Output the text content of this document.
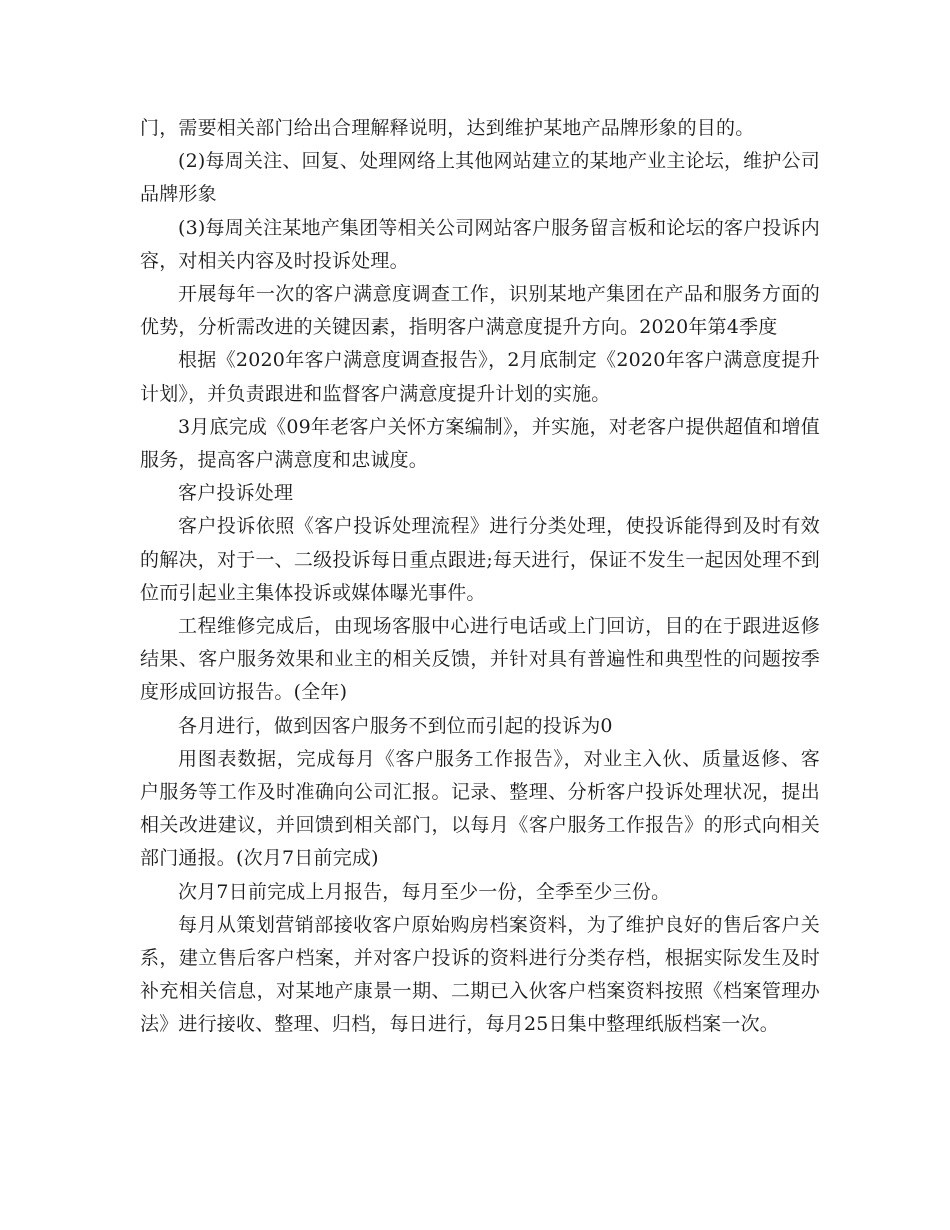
门，需要相关部门给出合理解释说明，达到维护某地产品牌形象的目的。

(2)每周关注、回复、处理网络上其他网站建立的某地产业主论坛，维护公司品牌形象

(3)每周关注某地产集团等相关公司网站客户服务留言板和论坛的客户投诉内容，对相关内容及时投诉处理。

开展每年一次的客户满意度调查工作，识别某地产集团在产品和服务方面的优势，分析需改进的关键因素，指明客户满意度提升方向。2020年第4季度

根据《2020年客户满意度调查报告》，2月底制定《2020年客户满意度提升计划》，并负责跟进和监督客户满意度提升计划的实施。

3月底完成《09年老客户关怀方案编制》，并实施，对老客户提供超值和增值服务，提高客户满意度和忠诚度。

客户投诉处理

客户投诉依照《客户投诉处理流程》进行分类处理，使投诉能得到及时有效的解决，对于一、二级投诉每日重点跟进;每天进行，保证不发生一起因处理不到位而引起业主集体投诉或媒体曝光事件。

工程维修完成后，由现场客服中心进行电话或上门回访，目的在于跟进返修结果、客户服务效果和业主的相关反馈，并针对具有普遍性和典型性的问题按季度形成回访报告。(全年)

各月进行，做到因客户服务不到位而引起的投诉为0

用图表数据，完成每月《客户服务工作报告》，对业主入伙、质量返修、客户服务等工作及时准确向公司汇报。记录、整理、分析客户投诉处理状况，提出相关改进建议，并回馈到相关部门，以每月《客户服务工作报告》的形式向相关部门通报。(次月7日前完成)

次月7日前完成上月报告，每月至少一份，全季至少三份。

每月从策划营销部接收客户原始购房档案资料，为了维护良好的售后客户关系，建立售后客户档案，并对客户投诉的资料进行分类存档，根据实际发生及时补充相关信息，对某地产康景一期、二期已入伙客户档案资料按照《档案管理办法》进行接收、整理、归档，每日进行，每月25日集中整理纸版档案一次。
